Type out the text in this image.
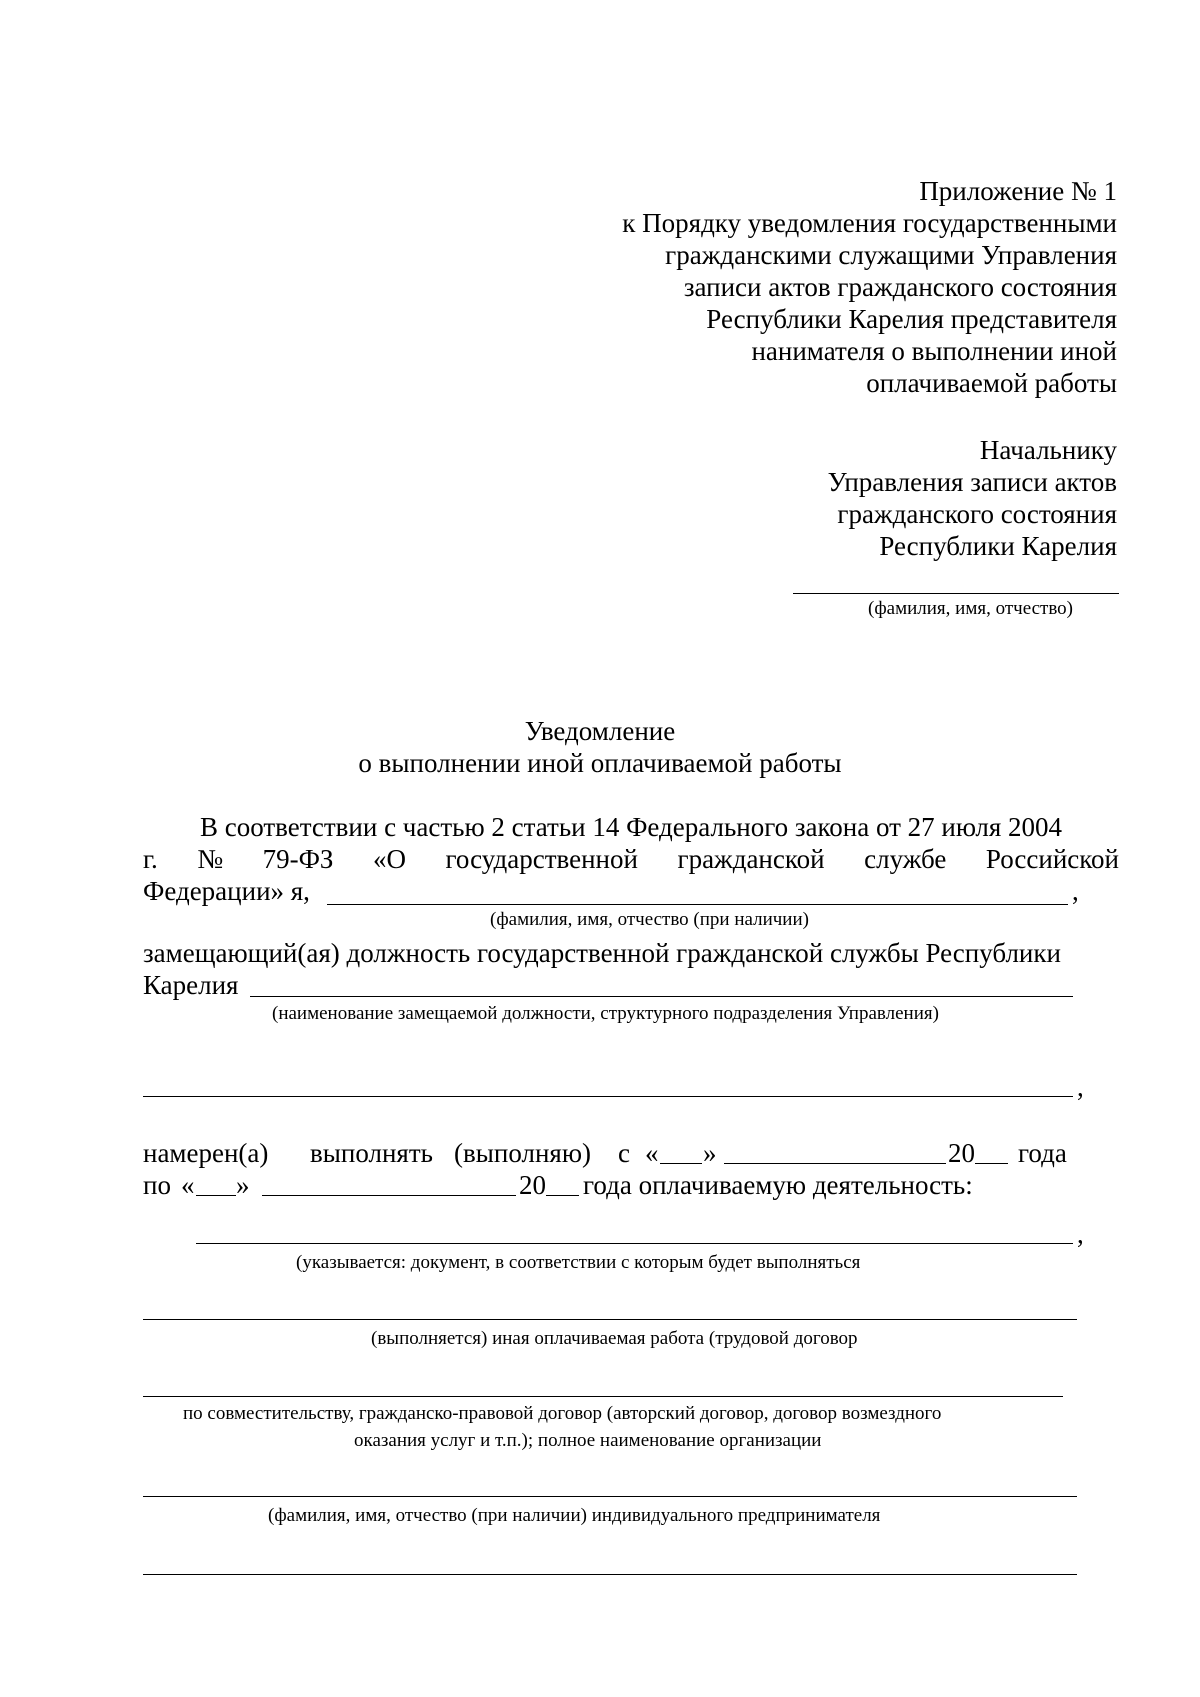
Приложение № 1
к Порядку уведомления государственными
гражданскими служащими Управления
записи актов гражданского состояния
Республики Карелия представителя
нанимателя о выполнении иной
оплачиваемой работы
Начальнику
Управления записи актов
гражданского состояния
Республики Карелия
(фамилия, имя, отчество)
Уведомление
о выполнении иной оплачиваемой работы
В соответствии с частью 2 статьи 14 Федерального закона от 27 июля 2004
г. № 79-ФЗ «О государственной гражданской службе Российской
Федерации» я,	,
(фамилия, имя, отчество (при наличии)
замещающий(ая) должность государственной гражданской службы Республики
Карелия
(наименование замещаемой должности, структурного подразделения Управления)
,
намерен(а) выполнять (выполняю) с « »	20 года
по « »	20 года оплачиваемую деятельность:
,
(указывается: документ, в соответствии с которым будет выполняться
(выполняется) иная оплачиваемая работа (трудовой договор
по совместительству, гражданско-правовой договор (авторский договор, договор возмездного
оказания услуг и т.п.); полное наименование организации
(фамилия, имя, отчество (при наличии) индивидуального предпринимателя
